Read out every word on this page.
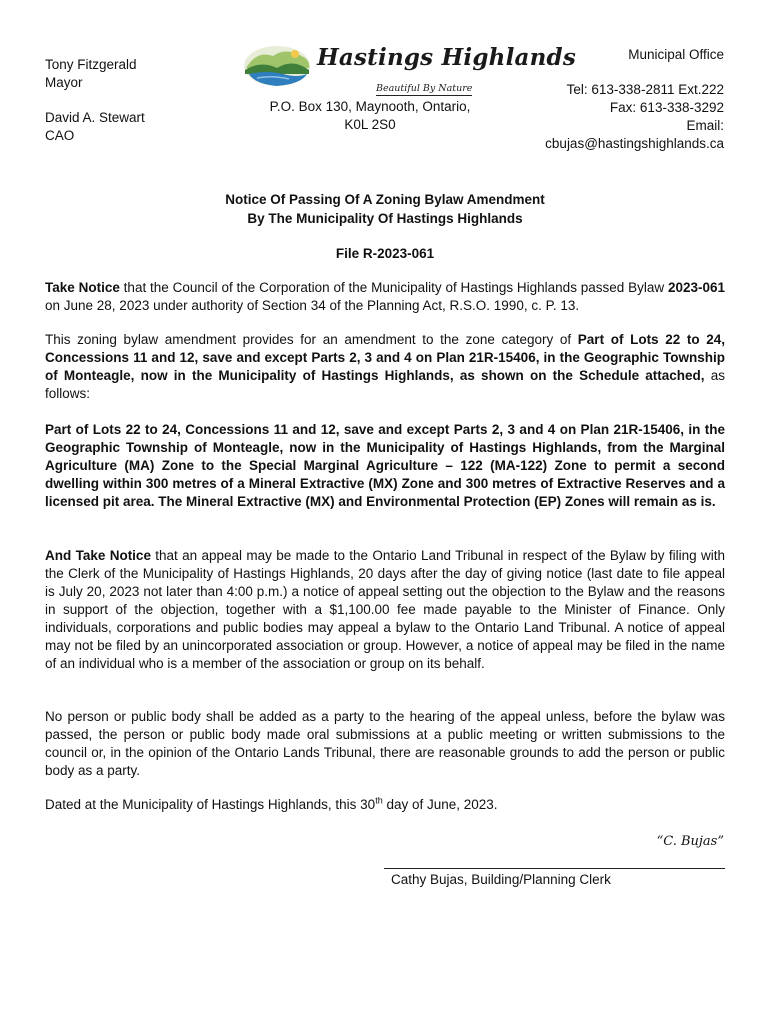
Tony Fitzgerald
Mayor
David A. Stewart
CAO
Hastings Highlands
Beautiful By Nature
P.O. Box 130, Maynooth, Ontario,
K0L 2S0
Municipal Office
Tel: 613-338-2811 Ext.222
Fax: 613-338-3292
Email:
cbujas@hastingshighlands.ca
Notice Of Passing Of A Zoning Bylaw Amendment
By The Municipality Of Hastings Highlands
File R-2023-061
Take Notice that the Council of the Corporation of the Municipality of Hastings Highlands passed Bylaw 2023-061 on June 28, 2023 under authority of Section 34 of the Planning Act, R.S.O. 1990, c. P. 13.
This zoning bylaw amendment provides for an amendment to the zone category of Part of Lots 22 to 24, Concessions 11 and 12, save and except Parts 2, 3 and 4 on Plan 21R-15406, in the Geographic Township of Monteagle, now in the Municipality of Hastings Highlands, as shown on the Schedule attached, as follows:
Part of Lots 22 to 24, Concessions 11 and 12, save and except Parts 2, 3 and 4 on Plan 21R-15406, in the Geographic Township of Monteagle, now in the Municipality of Hastings Highlands, from the Marginal Agriculture (MA) Zone to the Special Marginal Agriculture – 122 (MA-122) Zone to permit a second dwelling within 300 metres of a Mineral Extractive (MX) Zone and 300 metres of Extractive Reserves and a licensed pit area. The Mineral Extractive (MX) and Environmental Protection (EP) Zones will remain as is.
And Take Notice that an appeal may be made to the Ontario Land Tribunal in respect of the Bylaw by filing with the Clerk of the Municipality of Hastings Highlands, 20 days after the day of giving notice (last date to file appeal is July 20, 2023 not later than 4:00 p.m.) a notice of appeal setting out the objection to the Bylaw and the reasons in support of the objection, together with a $1,100.00 fee made payable to the Minister of Finance. Only individuals, corporations and public bodies may appeal a bylaw to the Ontario Land Tribunal. A notice of appeal may not be filed by an unincorporated association or group. However, a notice of appeal may be filed in the name of an individual who is a member of the association or group on its behalf.
No person or public body shall be added as a party to the hearing of the appeal unless, before the bylaw was passed, the person or public body made oral submissions at a public meeting or written submissions to the council or, in the opinion of the Ontario Lands Tribunal, there are reasonable grounds to add the person or public body as a party.
Dated at the Municipality of Hastings Highlands, this 30th day of June, 2023.
“C. Bujas”
Cathy Bujas, Building/Planning Clerk
